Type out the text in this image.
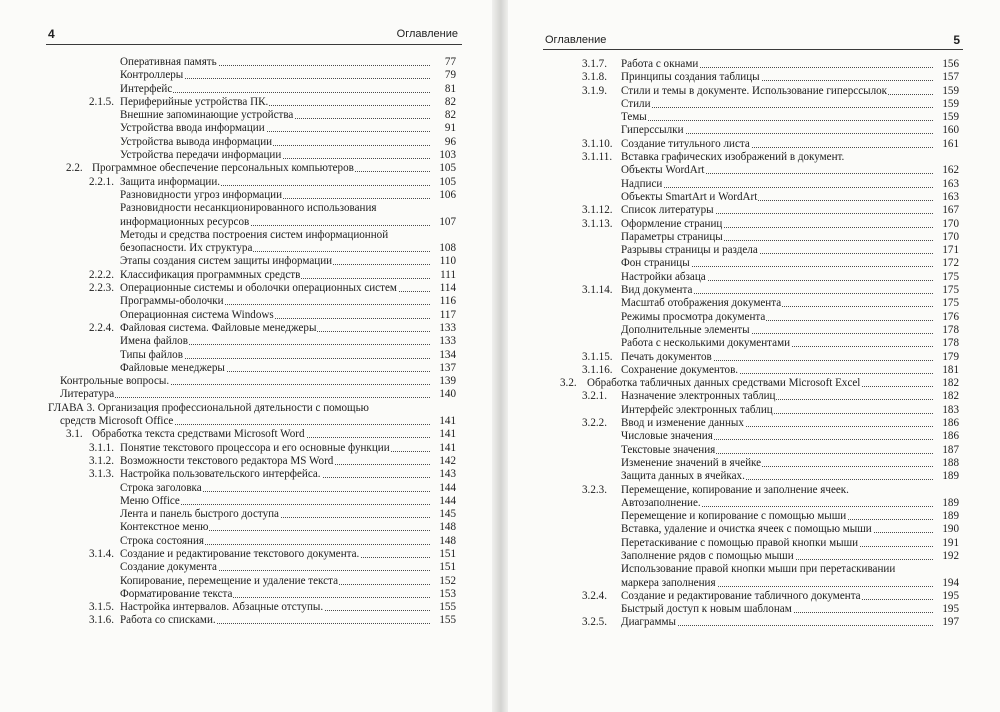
4	Оглавление
Оперативная память	77
Контроллеры	79
Интерфейс	81
2.1.5. Периферийные устройства ПК.	82
Внешние запоминающие устройства	82
Устройства ввода информации	91
Устройства вывода информации	96
Устройства передачи информации	103
2.2. Программное обеспечение персональных компьютеров	105
2.2.1. Защита информации.	105
Разновидности угроз информации	106
Разновидности несанкционированного использования
информационных ресурсов	107
Методы и средства построения систем информационной
безопасности. Их структура	108
Этапы создания систем защиты информации	110
2.2.2. Классификация программных средств	111
2.2.3. Операционные системы и оболочки операционных систем	114
Программы-оболочки	116
Операционная система Windows	117
2.2.4. Файловая система. Файловые менеджеры	133
Имена файлов	133
Типы файлов	134
Файловые менеджеры	137
Контрольные вопросы.	139
Литература	140
ГЛАВА 3. Организация профессиональной дятельности с помощью
средств Microsoft Office	141
3.1. Обработка текста средствами Microsoft Word	141
3.1.1. Понятие текстового процессора и его основные функции	141
3.1.2. Возможности текстового редактора MS Word	142
3.1.3. Настройка пользовательского интерфейса.	143
Строка заголовка	144
Меню Office	144
Лента и панель быстрого доступа	145
Контекстное меню	148
Строка состояния	148
3.1.4. Создание и редактирование текстового документа.	151
Создание документа	151
Копирование, перемещение и удаление текста	152
Форматирование текста	153
3.1.5. Настройка интервалов. Абзацные отступы.	155
3.1.6. Работа со списками.	155
Оглавление	5
3.1.7. Работа с окнами	156
3.1.8. Принципы создания таблицы	157
3.1.9. Стили и темы в документе. Использование гиперссылок	159
Стили	159
Темы	159
Гиперссылки	160
3.1.10. Создание титульного листа	161
3.1.11. Вставка графических изображений в документ.
Объекты WordArt	162
Надписи	163
Объекты SmartArt и WordArt	163
3.1.12. Список литературы	167
3.1.13. Оформление страниц	170
Параметры страницы	170
Разрывы страницы и раздела	171
Фон страницы	172
Настройки абзаца	175
3.1.14. Вид документа	175
Масштаб отображения документа	175
Режимы просмотра документа	176
Дополнительные элементы	178
Работа с несколькими документами	178
3.1.15. Печать документов	179
3.1.16. Сохранение документов.	181
3.2. Обработка табличных данных средствами Microsoft Excel	182
3.2.1. Назначение электронных таблиц	182
Интерфейс электронных таблиц	183
3.2.2. Ввод и изменение данных	186
Числовые значения	186
Текстовые значения	187
Изменение значений в ячейке	188
Защита данных в ячейках.	189
3.2.3. Перемещение, копирование и заполнение ячеек.
Автозаполнение.	189
Перемещение и копирование с помощью мыши	189
Вставка, удаление и очистка ячеек с помощью мыши	190
Перетаскивание с помощью правой кнопки мыши	191
Заполнение рядов с помощью мыши	192
Использование правой кнопки мыши при перетаскивании
маркера заполнения	194
3.2.4. Создание и редактирование табличного документа	195
Быстрый доступ к новым шаблонам	195
3.2.5. Диаграммы	197
